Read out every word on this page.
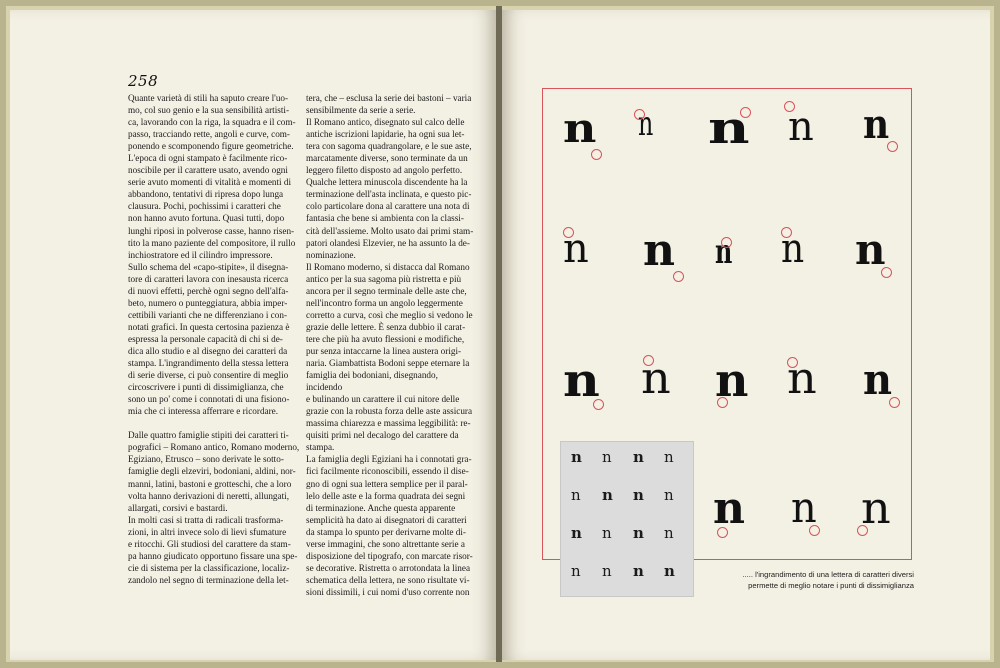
258

Quante varietà di stili ha saputo creare l'uo-

mo, col suo genio e la sua sensibilità artisti-

ca, lavorando con la riga, la squadra e il com-

passo, tracciando rette, angoli e curve, com-

ponendo e scomponendo figure geometriche.

L'epoca di ogni stampato è facilmente rico-

noscibile per il carattere usato, avendo ogni

serie avuto momenti di vitalità e momenti di

abbandono, tentativi di ripresa dopo lunga

clausura. Pochi, pochissimi i caratteri che

non hanno avuto fortuna. Quasi tutti, dopo

lunghi riposi in polverose casse, hanno risen-

tito la mano paziente del compositore, il rullo

inchiostratore ed il cilindro impressore.

Sullo schema del «capo-stipite», il disegna-

tore di caratteri lavora con inesausta ricerca

di nuovi effetti, perchè ogni segno dell'alfa-

beto, numero o punteggiatura, abbia imper-

cettibili varianti che ne differenziano i con-

notati grafici. In questa certosina pazienza è

espressa la personale capacità di chi si de-

dica allo studio e al disegno dei caratteri da

stampa. L'ingrandimento della stessa lettera

di serie diverse, ci può consentire di meglio

circoscrivere i punti di dissimiglianza, che

sono un po' come i connotati di una fisiono-

mia che ci interessa afferrare e ricordare.

Dalle quattro famiglie stipiti dei caratteri ti-

pografici – Romano antico, Romano moderno,

Egiziano, Etrusco – sono derivate le sotto-

famiglie degli elzeviri, bodoniani, aldini, nor-

manni, latini, bastoni e grotteschi, che a loro

volta hanno derivazioni di neretti, allungati,

allargati, corsivi e bastardi.

In molti casi si tratta di radicali trasforma-

zioni, in altri invece solo di lievi sfumature

e ritocchi. Gli studiosi del carattere da stam-

pa hanno giudicato opportuno fissare una spe-

cie di sistema per la classificazione, localiz-

zandolo nel segno di terminazione della let-

tera, che – esclusa la serie dei bastoni – varia

sensibilmente da serie a serie.

Il Romano antico, disegnato sul calco delle

antiche iscrizioni lapidarie, ha ogni sua let-

tera con sagoma quadrangolare, e le sue aste,

marcatamente diverse, sono terminate da un

leggero filetto disposto ad angolo perfetto.

Qualche lettera minuscola discendente ha la

terminazione dell'asta inclinata, e questo pic-

colo particolare dona al carattere una nota di

fantasia che bene si ambienta con la classi-

cità dell'assieme. Molto usato dai primi stam-

patori olandesi Elzevier, ne ha assunto la de-

nominazione.

Il Romano moderno, si distacca dal Romano

antico per la sua sagoma più ristretta e più

ancora per il segno terminale delle aste che,

nell'incontro forma un angolo leggermente

corretto a curva, così che meglio si vedono le

grazie delle lettere. È senza dubbio il carat-

tere che più ha avuto flessioni e modifiche,

pur senza intaccarne la linea austera origi-

naria. Giambattista Bodoni seppe eternare la

famiglia dei bodoniani, disegnando, incidendo

e bulinando un carattere il cui nitore delle

grazie con la robusta forza delle aste assicura

massima chiarezza e massima leggibilità: re-

quisiti primi nel decalogo del carattere da

stampa.

La famiglia degli Egiziani ha i connotati gra-

fici facilmente riconoscibili, essendo il dise-

gno di ogni sua lettera semplice per il paral-

lelo delle aste e la forma quadrata dei segni

di terminazione. Anche questa apparente

semplicità ha dato ai disegnatori di caratteri

da stampa lo spunto per derivarne molte di-

verse immagini, che sono altrettante serie a

disposizione del tipografo, con marcate risor-

se decorative. Ristretta o arrotondata la linea

schematica della lettera, ne sono risultate vi-

sioni dissimili, i cui nomi d'uso corrente non

n n n n n
n n n n n
n n n n n
n n n
n n n n
n n n n
n n n n
n n n n	..... l'ingrandimento di una lettera di caratteri diversi
permette di meglio notare i punti di dissimiglianza
